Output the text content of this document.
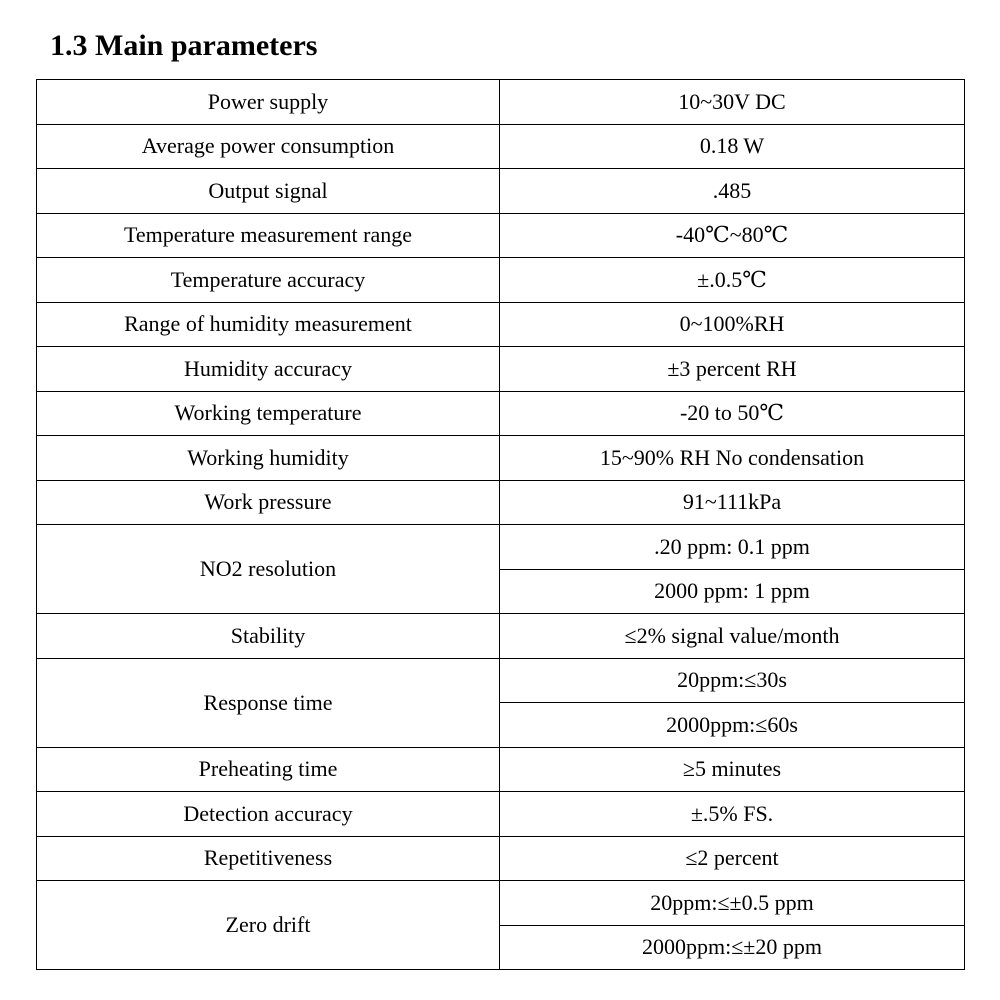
1.3 Main parameters
Power supply	10~30V DC
Average power consumption	0.18 W
Output signal	.485
Temperature measurement range	-40℃~80℃
Temperature accuracy	±.0.5℃
Range of humidity measurement	0~100%RH
Humidity accuracy	±3 percent RH
Working temperature	-20 to 50℃
Working humidity	15~90% RH No condensation
Work pressure	91~111kPa
NO2 resolution	.20 ppm: 0.1 ppm
	2000 ppm: 1 ppm
Stability	≤2% signal value/month
Response time	20ppm:≤30s
	2000ppm:≤60s
Preheating time	≥5 minutes
Detection accuracy	±.5% FS.
Repetitiveness	≤2 percent
Zero drift	20ppm:≤±0.5 ppm
	2000ppm:≤±20 ppm
